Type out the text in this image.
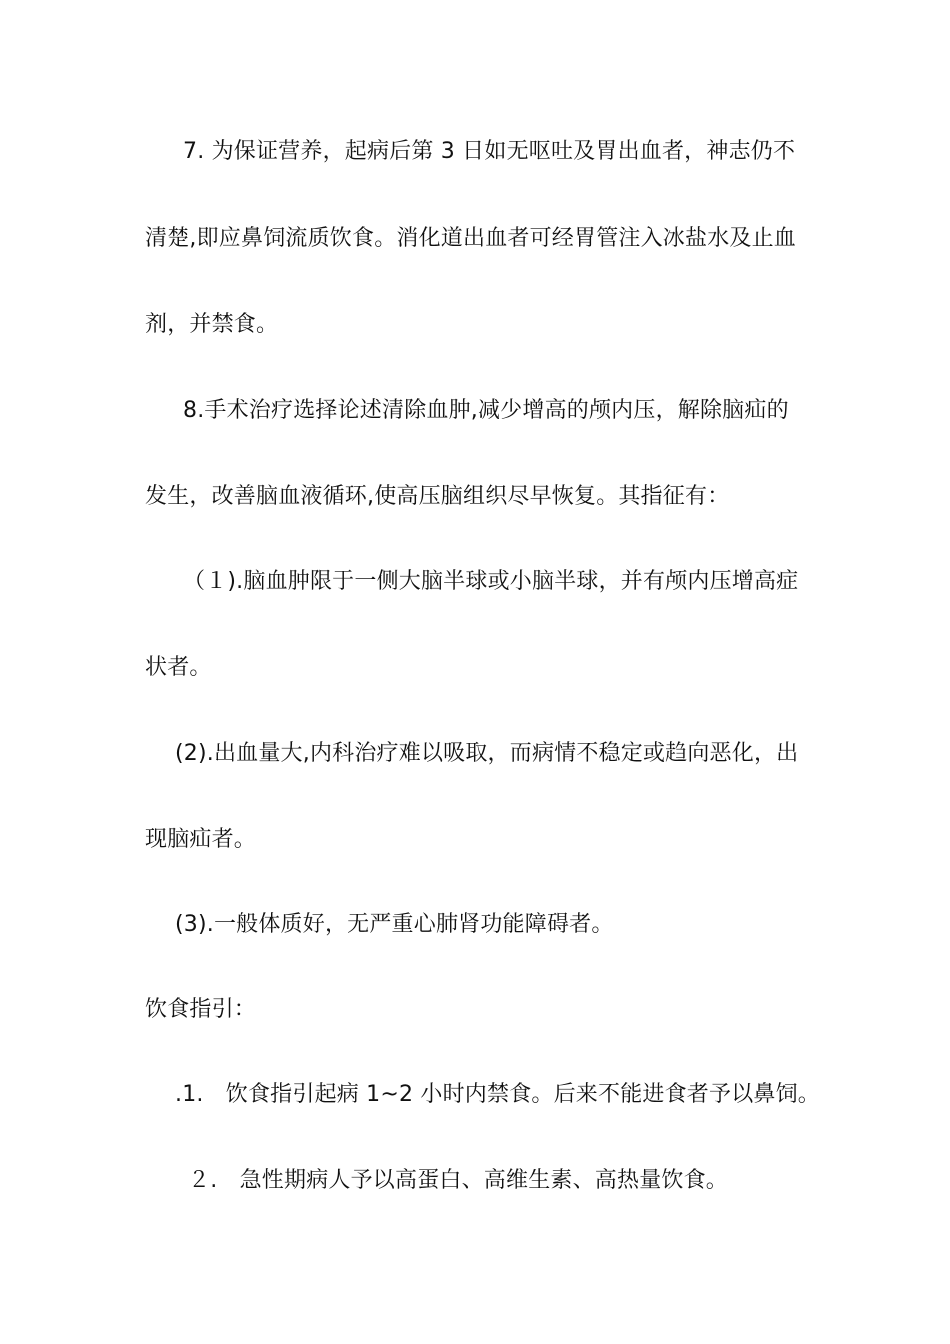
7. 为保证营养，起病后第 3 日如无呕吐及胃出血者，神志仍不
清楚,即应鼻饲流质饮食。消化道出血者可经胃管注入冰盐水及止血
剂，并禁食。
8.手术治疗选择论述清除血肿,减少增高的颅内压，解除脑疝的
发生，改善脑血液循环,使高压脑组织尽早恢复。其指征有：
（１).脑血肿限于一侧大脑半球或小脑半球，并有颅内压增高症
状者。
(2).出血量大,内科治疗难以吸取，而病情不稳定或趋向恶化，出
现脑疝者。
(3).一般体质好，无严重心肺肾功能障碍者。
饮食指引：
.1.　饮食指引起病 1~2 小时内禁食。后来不能进食者予以鼻饲。
２.　急性期病人予以高蛋白、高维生素、高热量饮食。
